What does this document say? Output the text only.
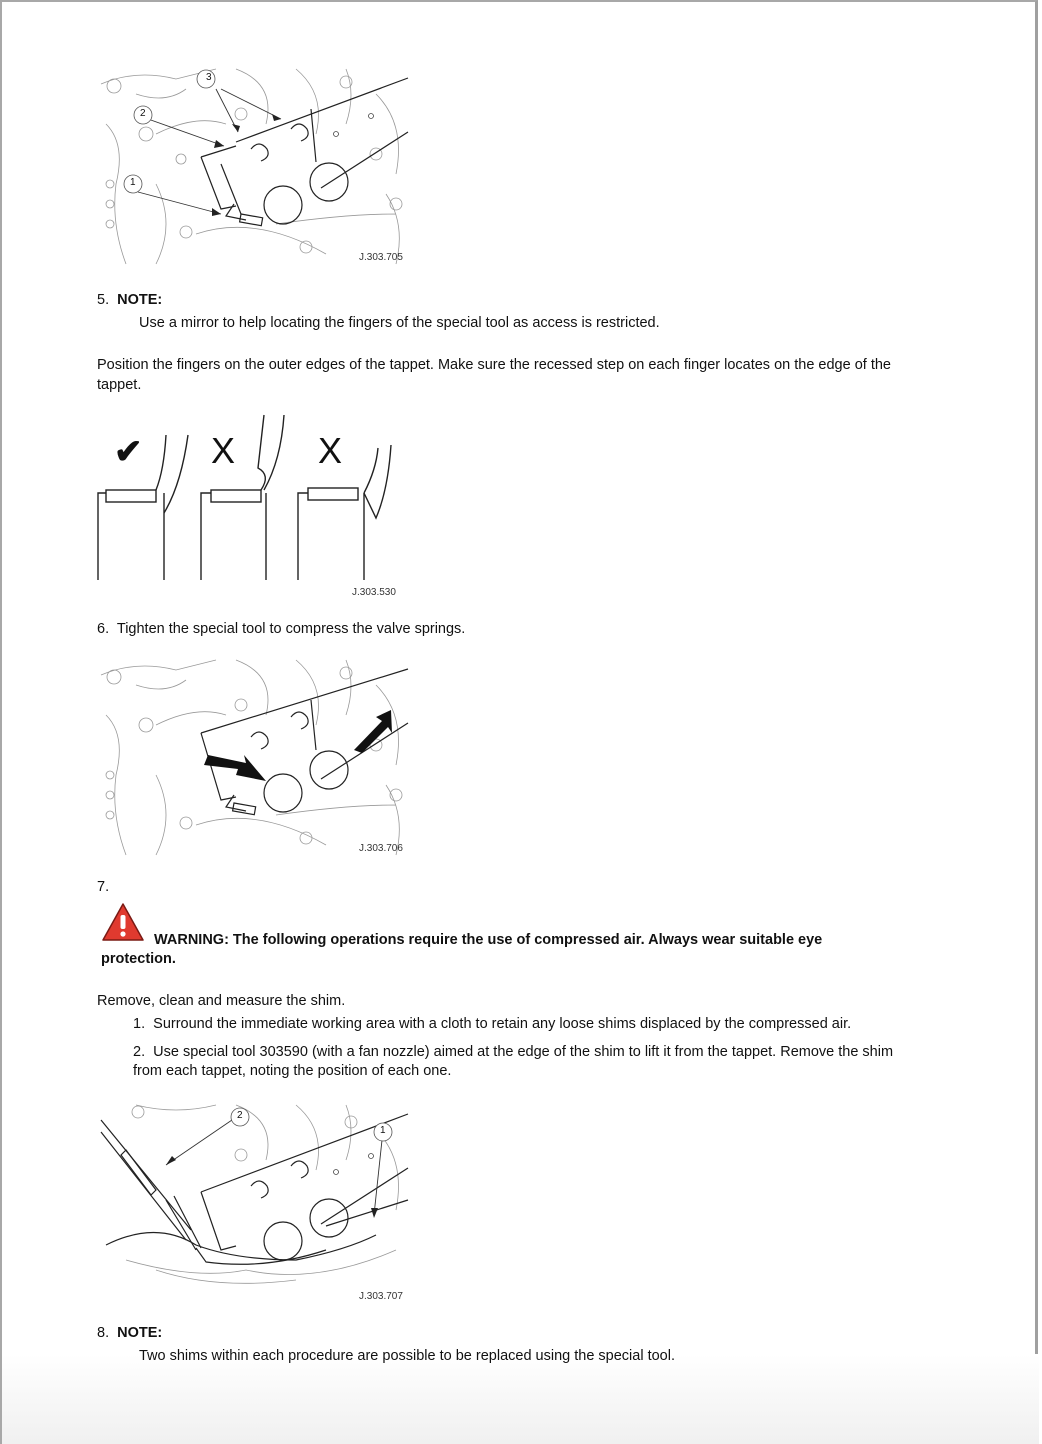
3
2
1
J.303.705
5. NOTE:
Use a mirror to help locating the fingers of the special tool as access is restricted.
Position the fingers on the outer edges of the tappet. Make sure the recessed step on each finger locates on the edge of the
tappet.
✔ X X
J.303.530
6. Tighten the special tool to compress the valve springs.
J.303.706
7.
WARNING: The following operations require the use of compressed air. Always wear suitable eye
protection.
Remove, clean and measure the shim.
1. Surround the immediate working area with a cloth to retain any loose shims displaced by the compressed air.
2. Use special tool 303590 (with a fan nozzle) aimed at the edge of the shim to lift it from the tappet. Remove the shim
from each tappet, noting the position of each one.
2
1
J.303.707
8. NOTE:
Two shims within each procedure are possible to be replaced using the special tool.
